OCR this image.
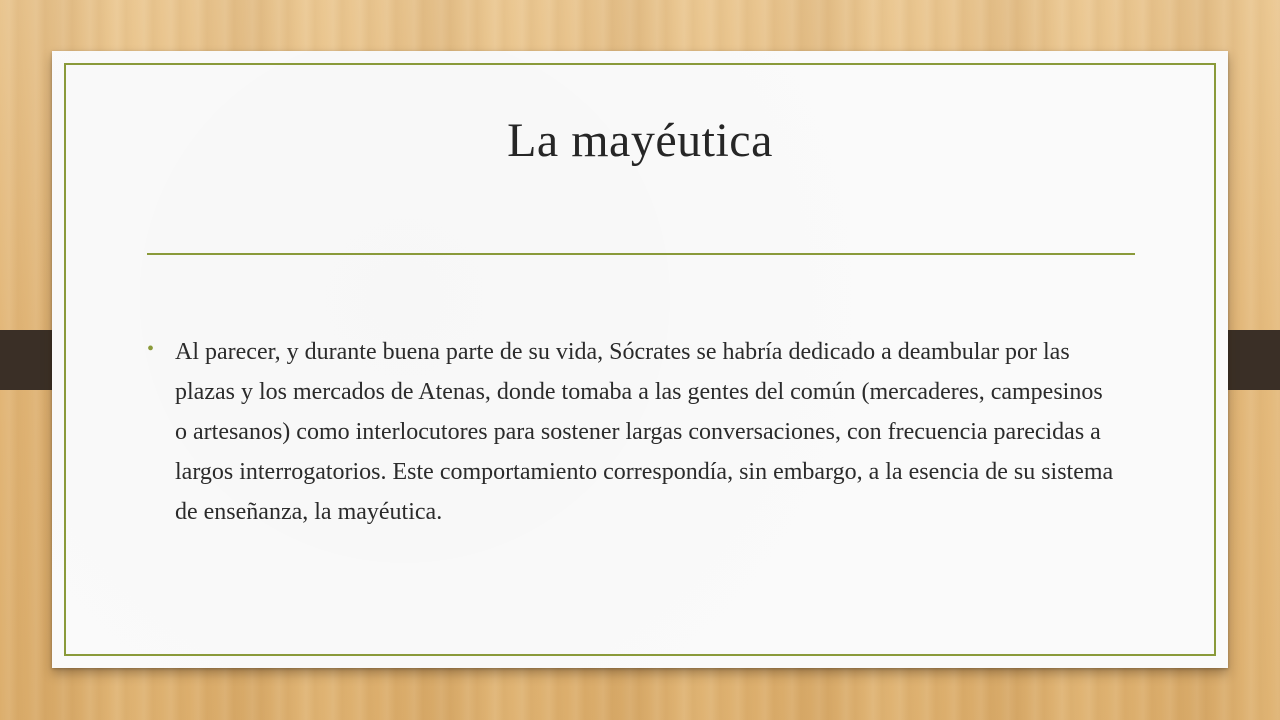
La mayéutica
• Al parecer, y durante buena parte de su vida, Sócrates se habría dedicado a deambular por las plazas y los mercados de Atenas, donde tomaba a las gentes del común (mercaderes, campesinos o artesanos) como interlocutores para sostener largas conversaciones, con frecuencia parecidas a largos interrogatorios. Este comportamiento correspondía, sin embargo, a la esencia de su sistema de enseñanza, la mayéutica.
